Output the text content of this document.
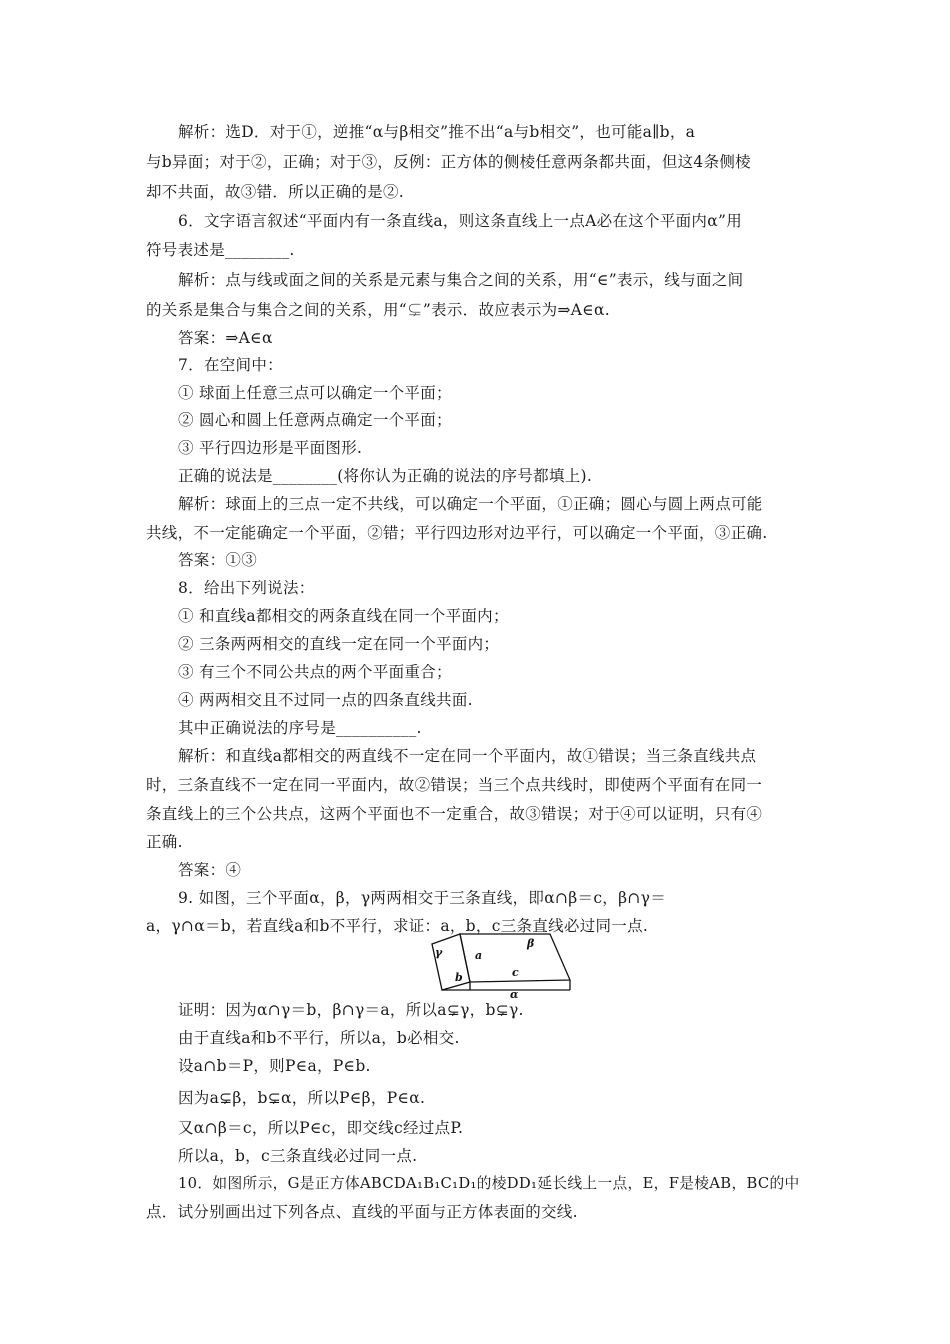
解析：选D．对于①，逆推“α与β相交”推不出“a与b相交”，也可能a∥b，a
与b异面；对于②，正确；对于③，反例：正方体的侧棱任意两条都共面，但这4条侧棱
却不共面，故③错．所以正确的是②.
6．文字语言叙述“平面内有一条直线a，则这条直线上一点A必在这个平面内α”用
符号表述是________.
解析：点与线或面之间的关系是元素与集合之间的关系，用“∈”表示，线与面之间
的关系是集合与集合之间的关系，用“⊊”表示．故应表示为⇒A∈α.
答案：⇒A∈α
7．在空间中：
① 球面上任意三点可以确定一个平面；
② 圆心和圆上任意两点确定一个平面；
③ 平行四边形是平面图形.
正确的说法是________(将你认为正确的说法的序号都填上).
解析：球面上的三点一定不共线，可以确定一个平面，①正确；圆心与圆上两点可能
共线，不一定能确定一个平面，②错；平行四边形对边平行，可以确定一个平面，③正确.
答案：①③
8．给出下列说法：
① 和直线a都相交的两条直线在同一个平面内；
② 三条两两相交的直线一定在同一个平面内；
③ 有三个不同公共点的两个平面重合；
④ 两两相交且不过同一点的四条直线共面.
其中正确说法的序号是__________.
解析：和直线a都相交的两直线不一定在同一个平面内，故①错误；当三条直线共点
时，三条直线不一定在同一平面内，故②错误；当三个点共线时，即使两个平面有在同一
条直线上的三个公共点，这两个平面也不一定重合，故③错误；对于④可以证明，只有④
正确.
答案：④
9. 如图，三个平面α，β，γ两两相交于三条直线，即α∩β＝c，β∩γ＝
a，γ∩α＝b，若直线a和b不平行，求证：a，b，c三条直线必过同一点.
γ
β
a
b	c
α
证明：因为α∩γ＝b，β∩γ＝a，所以a⊊γ，b⊊γ.
由于直线a和b不平行，所以a，b必相交.
设a∩b＝P，则P∈a，P∈b.
因为a⊊β，b⊊α，所以P∈β，P∈α.
又α∩β＝c，所以P∈c，即交线c经过点P.
所以a，b，c三条直线必过同一点.
10．如图所示，G是正方体ABCDA₁B₁C₁D₁的棱DD₁延长线上一点，E，F是棱AB，BC的中
点．试分别画出过下列各点、直线的平面与正方体表面的交线.
